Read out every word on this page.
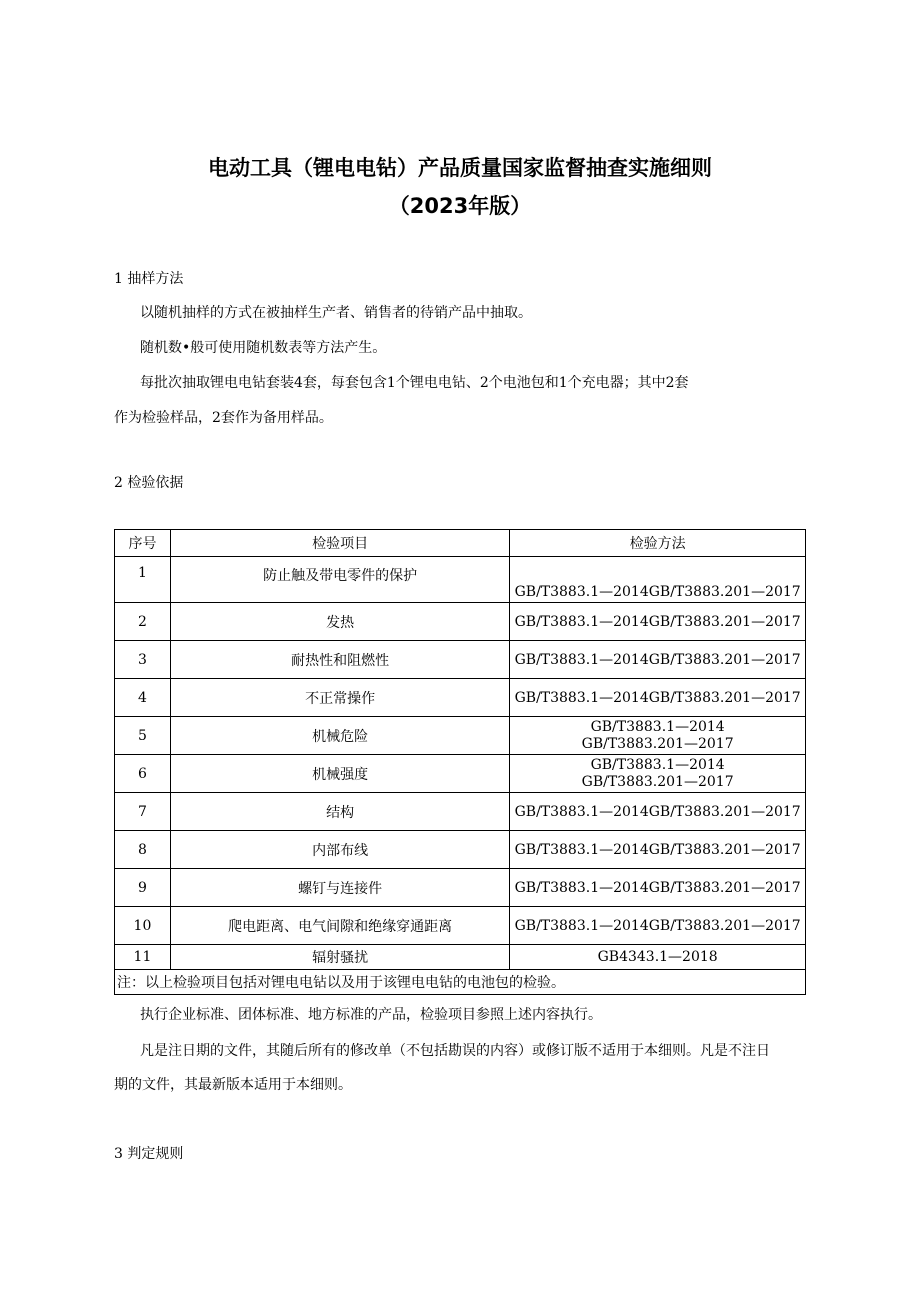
电动工具（锂电电钻）产品质量国家监督抽查实施细则
（2023年版）
1 抽样方法
以随机抽样的方式在被抽样生产者、销售者的待销产品中抽取。
随机数•般可使用随机数表等方法产生。
每批次抽取锂电电钻套装4套，每套包含1个锂电电钻、2个电池包和1个充电器；其中2套
作为检验样品，2套作为备用样品。
2 检验依据
序号	检验项目	检验方法
1	防止触及带电零件的保护	GB/T3883.1—2014GB/T3883.201—2017
2	发热	GB/T3883.1—2014GB/T3883.201—2017
3	耐热性和阻燃性	GB/T3883.1—2014GB/T3883.201—2017
4	不正常操作	GB/T3883.1—2014GB/T3883.201—2017
5	机械危险	GB/T3883.1—2014
GB/T3883.201—2017

6	机械强度	GB/T3883.1—2014
GB/T3883.201—2017

7	结构	GB/T3883.1—2014GB/T3883.201—2017
8	内部布线	GB/T3883.1—2014GB/T3883.201—2017
9	螺钉与连接件	GB/T3883.1—2014GB/T3883.201—2017
10	爬电距离、电气间隙和绝缘穿通距离	GB/T3883.1—2014GB/T3883.201—2017
11	辐射骚扰	GB4343.1—2018
注：以上检验项目包括对锂电电钻以及用于该锂电电钻的电池包的检验。		
执行企业标准、团体标准、地方标准的产品，检验项目参照上述内容执行。
凡是注日期的文件，其随后所有的修改单（不包括勘误的内容）或修订版不适用于本细则。凡是不注日
期的文件，其最新版本适用于本细则。
3 判定规则
